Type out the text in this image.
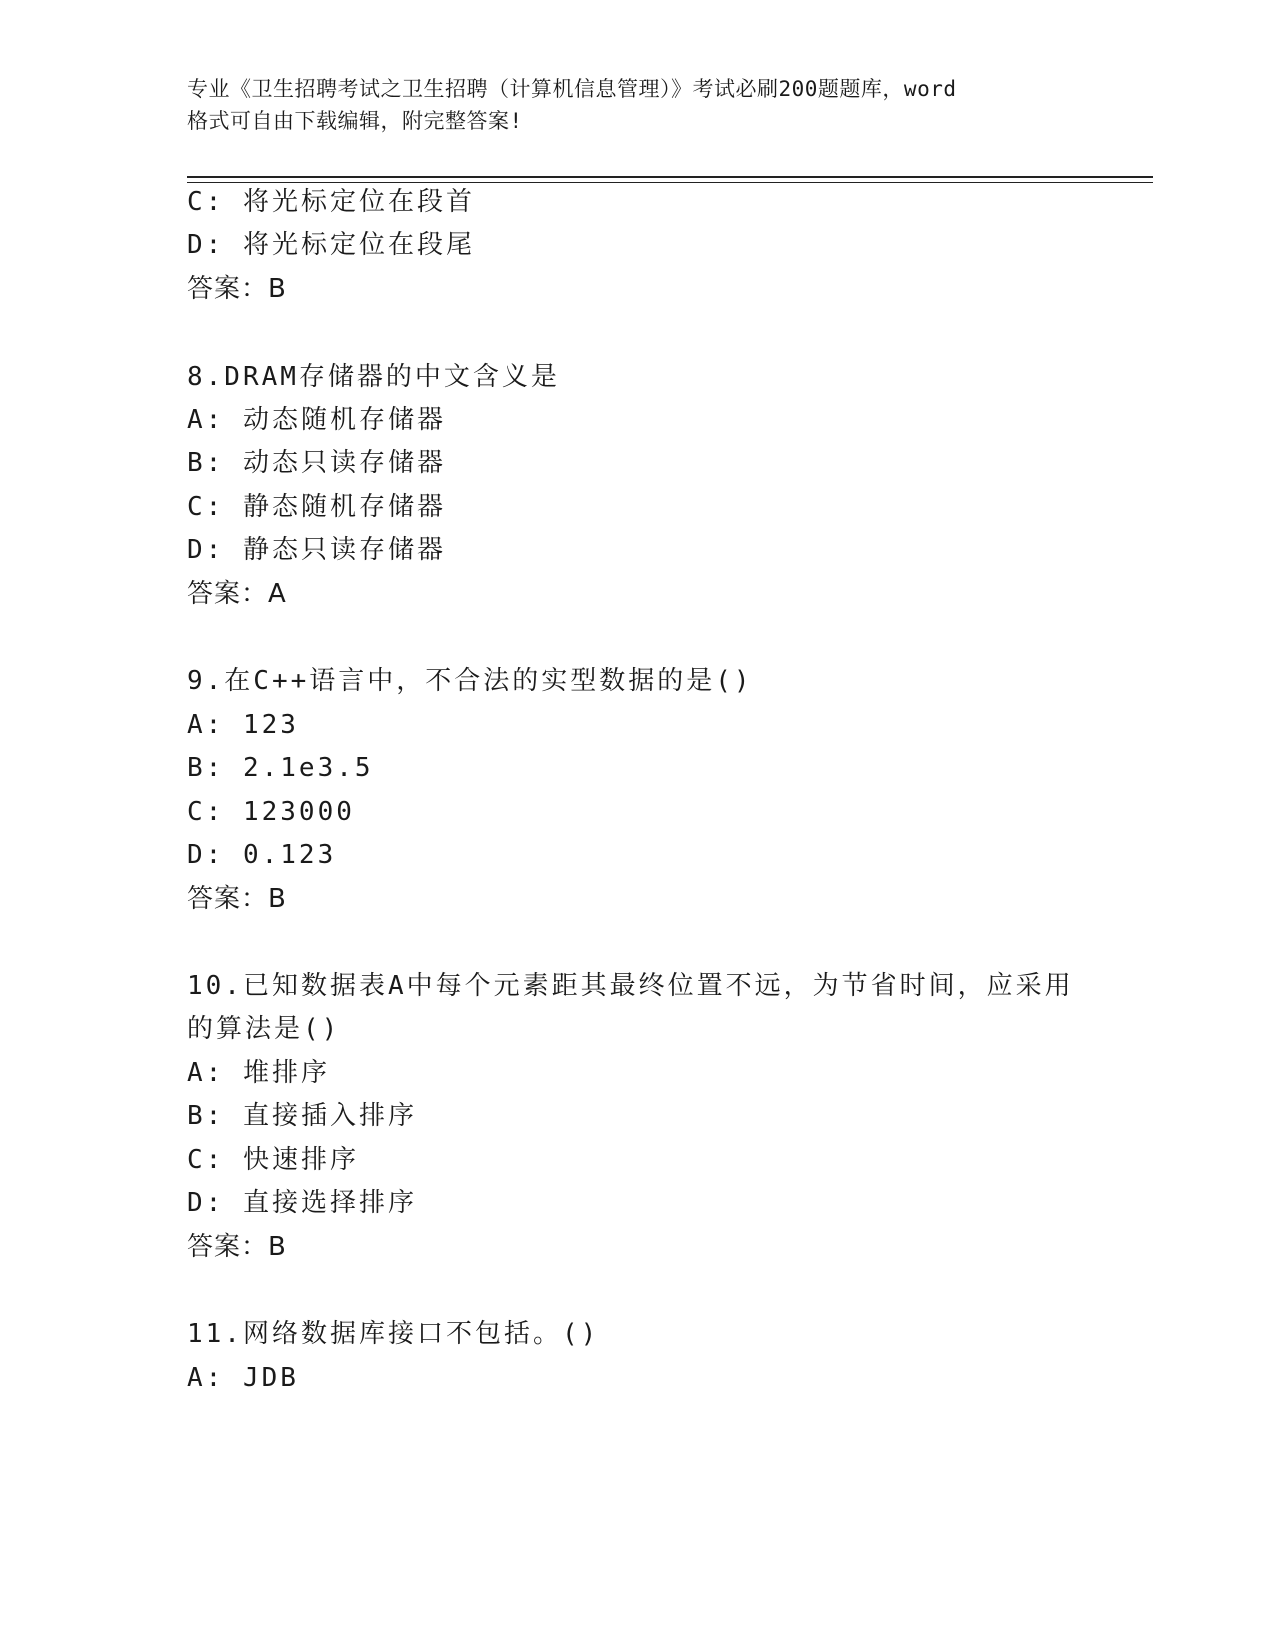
专业《卫生招聘考试之卫生招聘（计算机信息管理）》考试必刷200题题库，word
格式可自由下载编辑，附完整答案!
C: 将光标定位在段首
D: 将光标定位在段尾
答案：B
8.DRAM存储器的中文含义是
A: 动态随机存储器
B: 动态只读存储器
C: 静态随机存储器
D: 静态只读存储器
答案：A
9.在C++语言中，不合法的实型数据的是()
A: 123
B: 2.1e3.5
C: 123000
D: 0.123
答案：B
10.已知数据表A中每个元素距其最终位置不远，为节省时间，应采用
的算法是()
A: 堆排序
B: 直接插入排序
C: 快速排序
D: 直接选择排序
答案：B
11.网络数据库接口不包括。()
A: JDB
